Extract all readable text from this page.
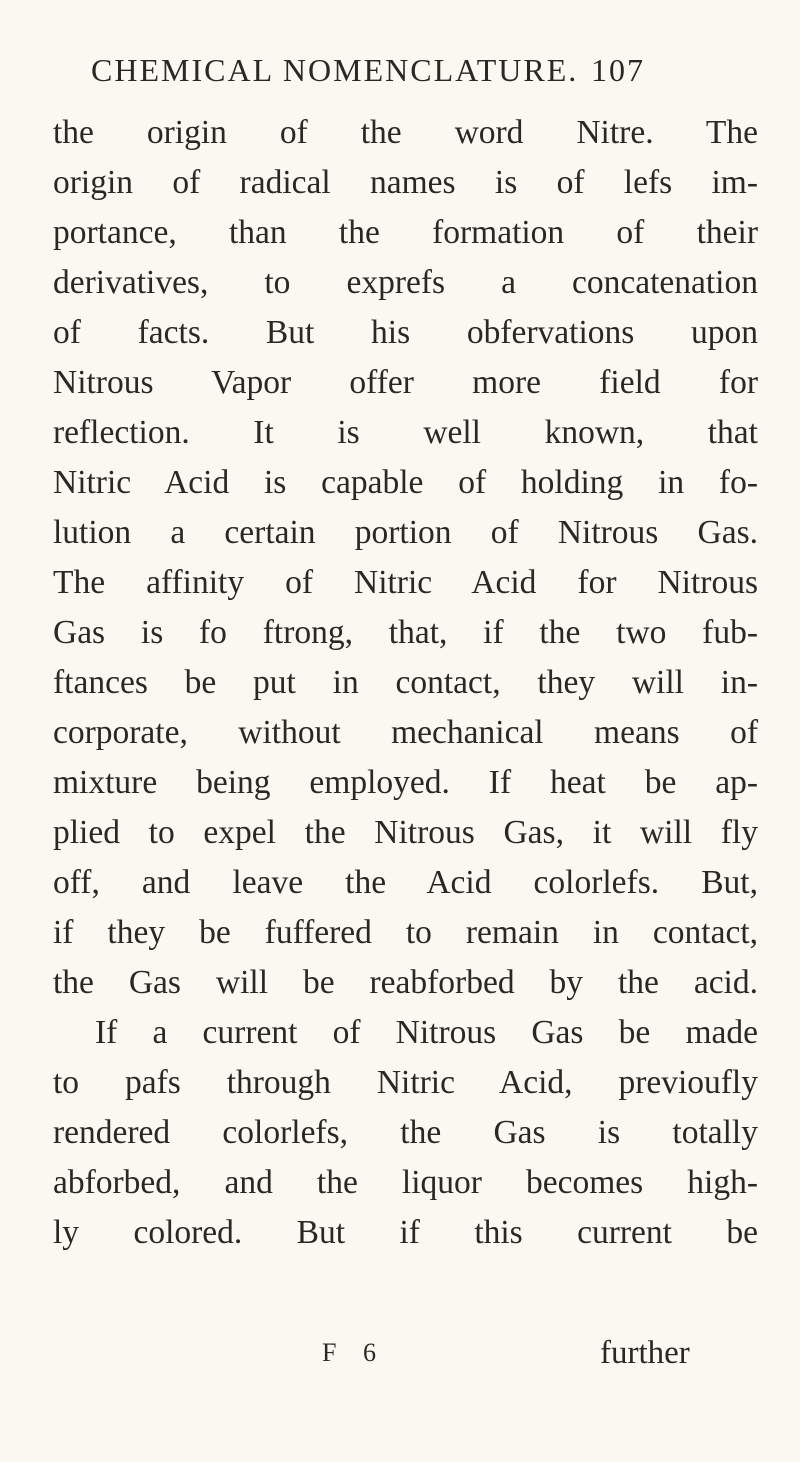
CHEMICAL NOMENCLATURE. 107
the origin of the word Nitre. The
origin of radical names is of lefs im-
portance, than the formation of their
derivatives, to exprefs a concatenation
of facts. But his obfervations upon
Nitrous Vapor offer more field for
reflection. It is well known, that
Nitric Acid is capable of holding in fo-
lution a certain portion of Nitrous Gas.
The affinity of Nitric Acid for Nitrous
Gas is fo ftrong, that, if the two fub-
ftances be put in contact, they will in-
corporate, without mechanical means of
mixture being employed. If heat be ap-
plied to expel the Nitrous Gas, it will fly
off, and leave the Acid colorlefs. But,
if they be fuffered to remain in contact,
the Gas will be reabforbed by the acid.
If a current of Nitrous Gas be made
to pafs through Nitric Acid, previoufly
rendered colorlefs, the Gas is totally
abforbed, and the liquor becomes high-
ly colored. But if this current be
F 6	further
